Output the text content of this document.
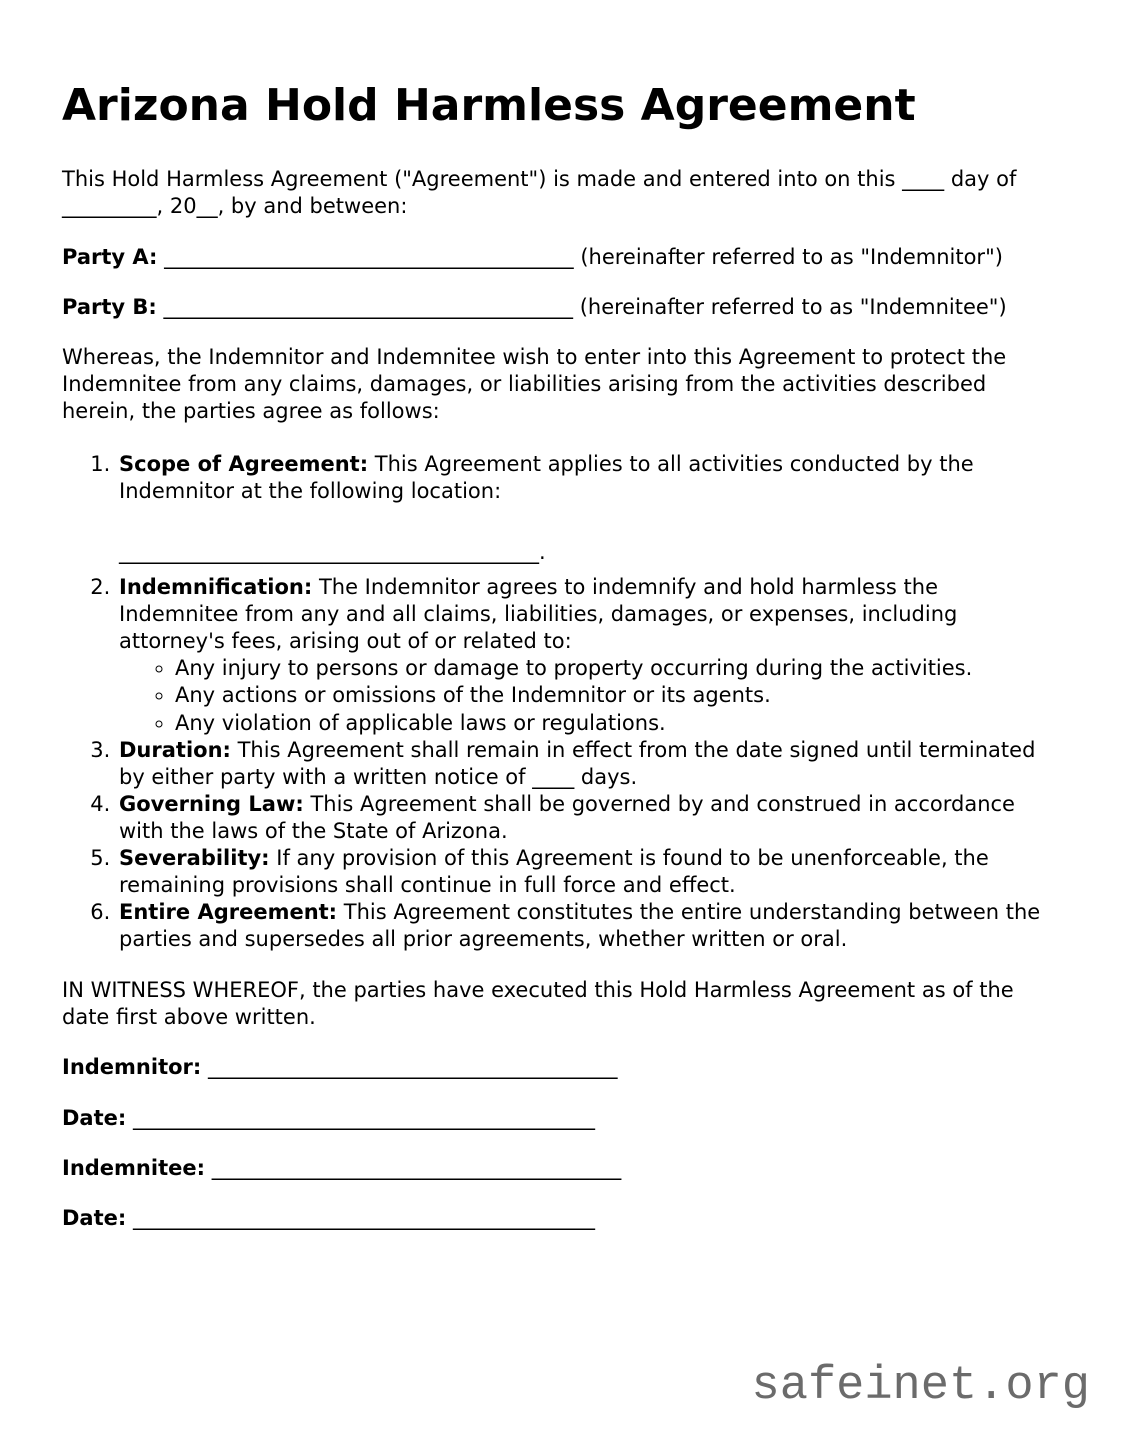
Arizona Hold Harmless Agreement

This Hold Harmless Agreement ("Agreement") is made and entered into on this ____ day of _________, 20__, by and between:

Party A: _______________________________________ (hereinafter referred to as "Indemnitor")

Party B: _______________________________________ (hereinafter referred to as "Indemnitee")

Whereas, the Indemnitor and Indemnitee wish to enter into this Agreement to protect the Indemnitee from any claims, damages, or liabilities arising from the activities described herein, the parties agree as follows:

1. Scope of Agreement: This Agreement applies to all activities conducted by the Indemnitor at the following location:
________________________________________.
2. Indemnification: The Indemnitor agrees to indemnify and hold harmless the Indemnitee from any and all claims, liabilities, damages, or expenses, including attorney's fees, arising out of or related to:
◦ Any injury to persons or damage to property occurring during the activities.
◦ Any actions or omissions of the Indemnitor or its agents.
◦ Any violation of applicable laws or regulations.
3. Duration: This Agreement shall remain in effect from the date signed until terminated by either party with a written notice of ____ days.
4. Governing Law: This Agreement shall be governed by and construed in accordance with the laws of the State of Arizona.
5. Severability: If any provision of this Agreement is found to be unenforceable, the remaining provisions shall continue in full force and effect.
6. Entire Agreement: This Agreement constitutes the entire understanding between the parties and supersedes all prior agreements, whether written or oral.

IN WITNESS WHEREOF, the parties have executed this Hold Harmless Agreement as of the date first above written.

Indemnitor: _______________________________________

Date: ____________________________________________

Indemnitee: _______________________________________

Date: ____________________________________________

safeinet.org
